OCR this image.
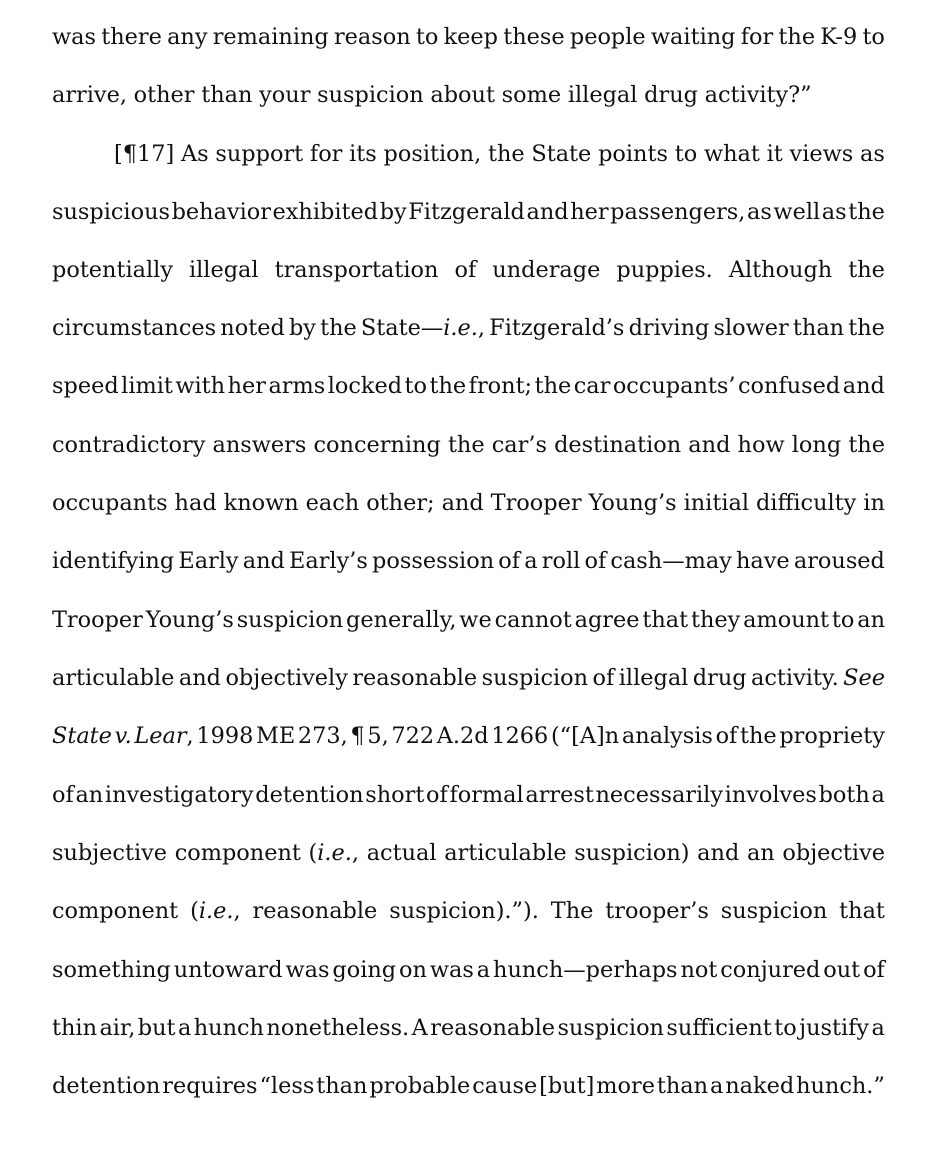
was there any remaining reason to keep these people waiting for the K-9 to
arrive, other than your suspicion about some illegal drug activity?”
[¶17] As support for its position, the State points to what it views as
suspicious behavior exhibited by Fitzgerald and her passengers, as well as the
potentially illegal transportation of underage puppies. Although the
circumstances noted by the State—i.e., Fitzgerald’s driving slower than the
speed limit with her arms locked to the front; the car occupants’ confused and
contradictory answers concerning the car’s destination and how long the
occupants had known each other; and Trooper Young’s initial difficulty in
identifying Early and Early’s possession of a roll of cash—may have aroused
Trooper Young’s suspicion generally, we cannot agree that they amount to an
articulable and objectively reasonable suspicion of illegal drug activity. See
State v. Lear, 1998 ME 273, ¶ 5, 722 A.2d 1266 (“[A]n analysis of the propriety
of an investigatory detention short of formal arrest necessarily involves both a
subjective component (i.e., actual articulable suspicion) and an objective
component (i.e., reasonable suspicion).”). The trooper’s suspicion that
something untoward was going on was a hunch—perhaps not conjured out of
thin air, but a hunch nonetheless. A reasonable suspicion sufficient to justify a
detention requires “less than probable cause [but] more than a naked hunch.”
